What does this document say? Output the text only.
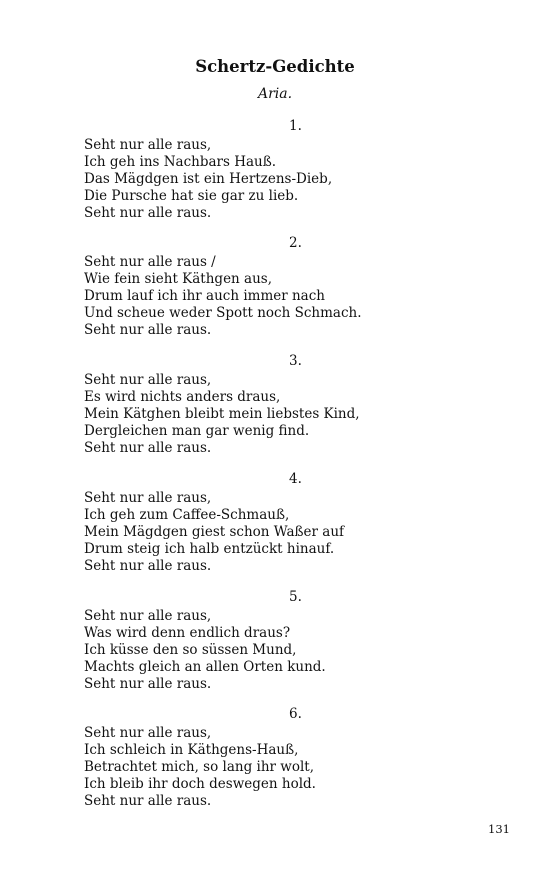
Schertz-Gedichte
Aria.
1.
Seht nur alle raus,
Ich geh ins Nachbars Hauß.
Das Mägdgen ist ein Hertzens-Dieb,
Die Pursche hat sie gar zu lieb.
Seht nur alle raus.
2.
Seht nur alle raus /
Wie fein sieht Käthgen aus,
Drum lauf ich ihr auch immer nach
Und scheue weder Spott noch Schmach.
Seht nur alle raus.
3.
Seht nur alle raus,
Es wird nichts anders draus,
Mein Kätghen bleibt mein liebstes Kind,
Dergleichen man gar wenig find.
Seht nur alle raus.
4.
Seht nur alle raus,
Ich geh zum Caffee-Schmauß,
Mein Mägdgen giest schon Waßer auf
Drum steig ich halb entzückt hinauf.
Seht nur alle raus.
5.
Seht nur alle raus,
Was wird denn endlich draus?
Ich küsse den so süssen Mund,
Machts gleich an allen Orten kund.
Seht nur alle raus.
6.
Seht nur alle raus,
Ich schleich in Käthgens-Hauß,
Betrachtet mich, so lang ihr wolt,
Ich bleib ihr doch deswegen hold.
Seht nur alle raus.
131
